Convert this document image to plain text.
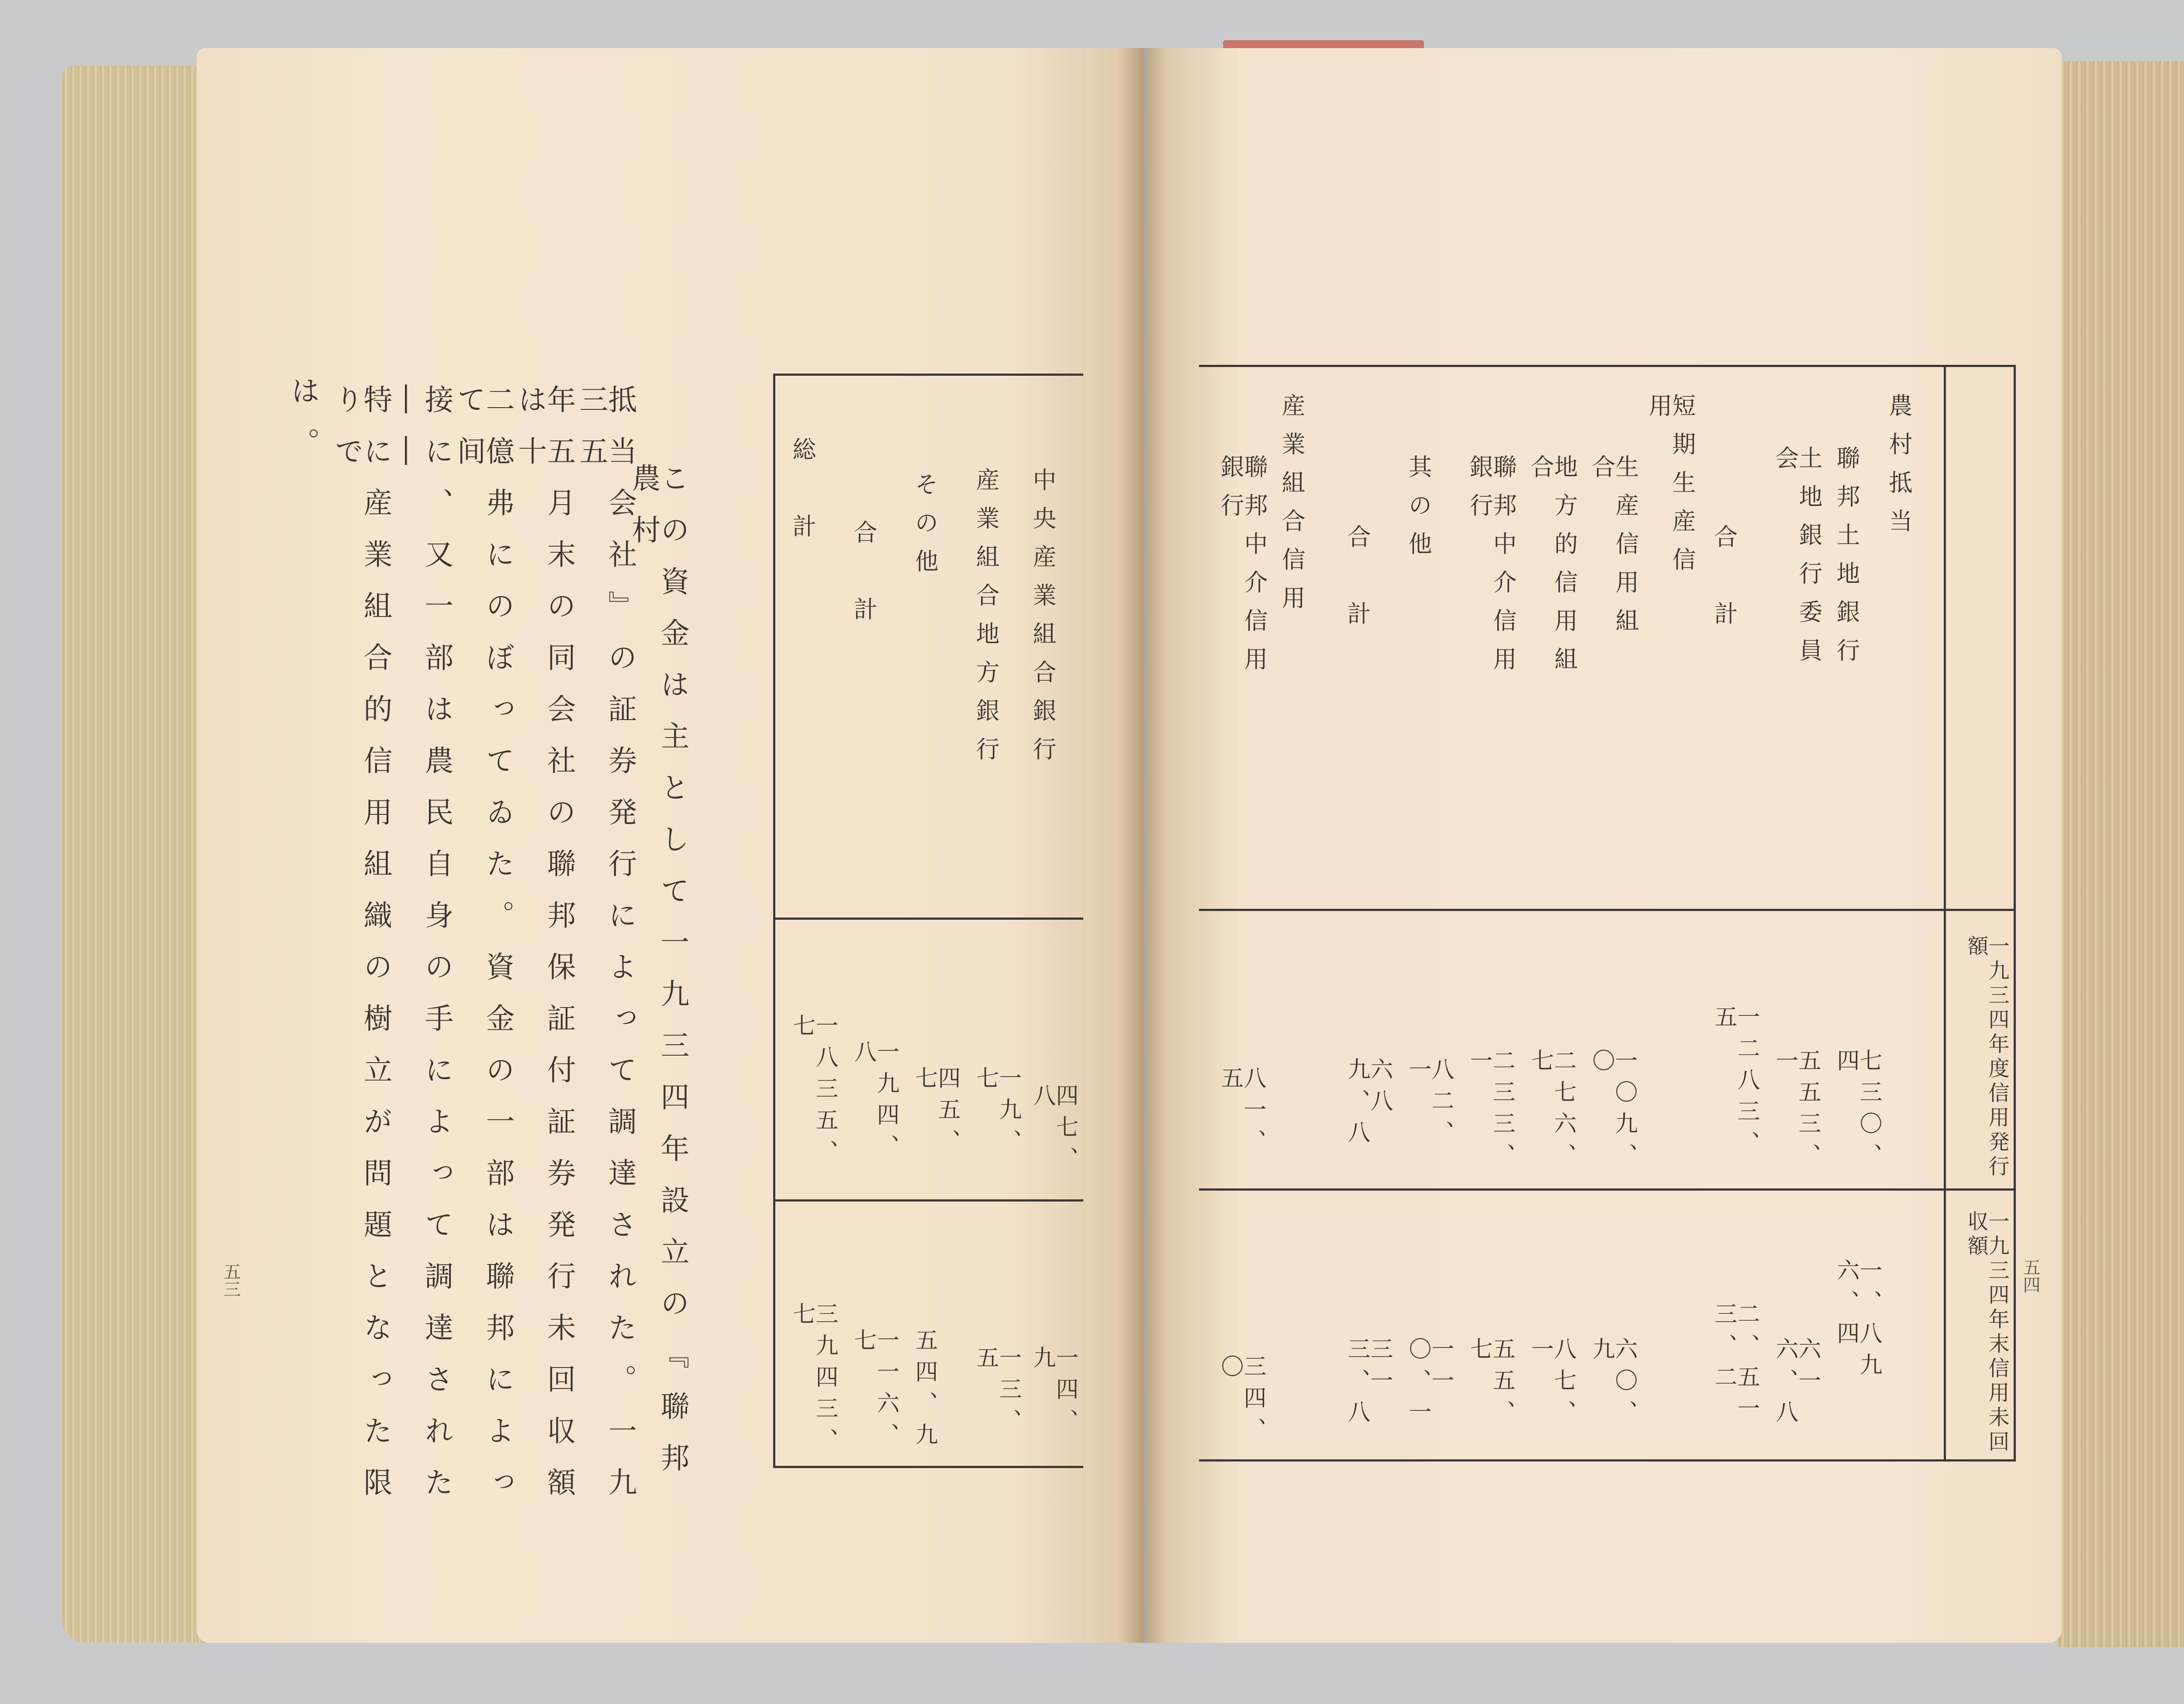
この資金は主として一九三四年設立の『聯邦農村
抵当会社』の証券発行によって調達された。一九三五
年五月末の同会社の聯邦保証付証券発行未回収額は十
二億弗にのぼってゐた。資金の一部は聯邦によって间
接に、又一部は農民自身の手によって調達された――
特に産業組合的信用組織の樹立が問題となった限りで
は。
中央産業組合銀行
産業組合地方銀行
その他
合　計
総　計
四七、八
一九、七
四五、七
一九四、八
一八三五、七
一四、九
一三、五
五四、九
一一六、七
三九四三、七
五三
一九三四年度信用発行額
一九三四年末信用未回収額
農村抵当
聯邦土地銀行
土地銀行委員会
合　計
短期生産信用
生産信用組合
地方的信用組合
聯邦中介信用銀行
其の他
合　計
産業組合信用
聯邦中介信用銀行
七三〇、四
五五三、一
一二八三、五
一〇九、〇
二七六、七
二三三、一
八二、一
六八九、八
八一、五
一、八九六、四
六一六、八
二、五一三、二
六〇、九
八七、一
五五、七
一一〇、一
三一三、八
三四、〇
五四
